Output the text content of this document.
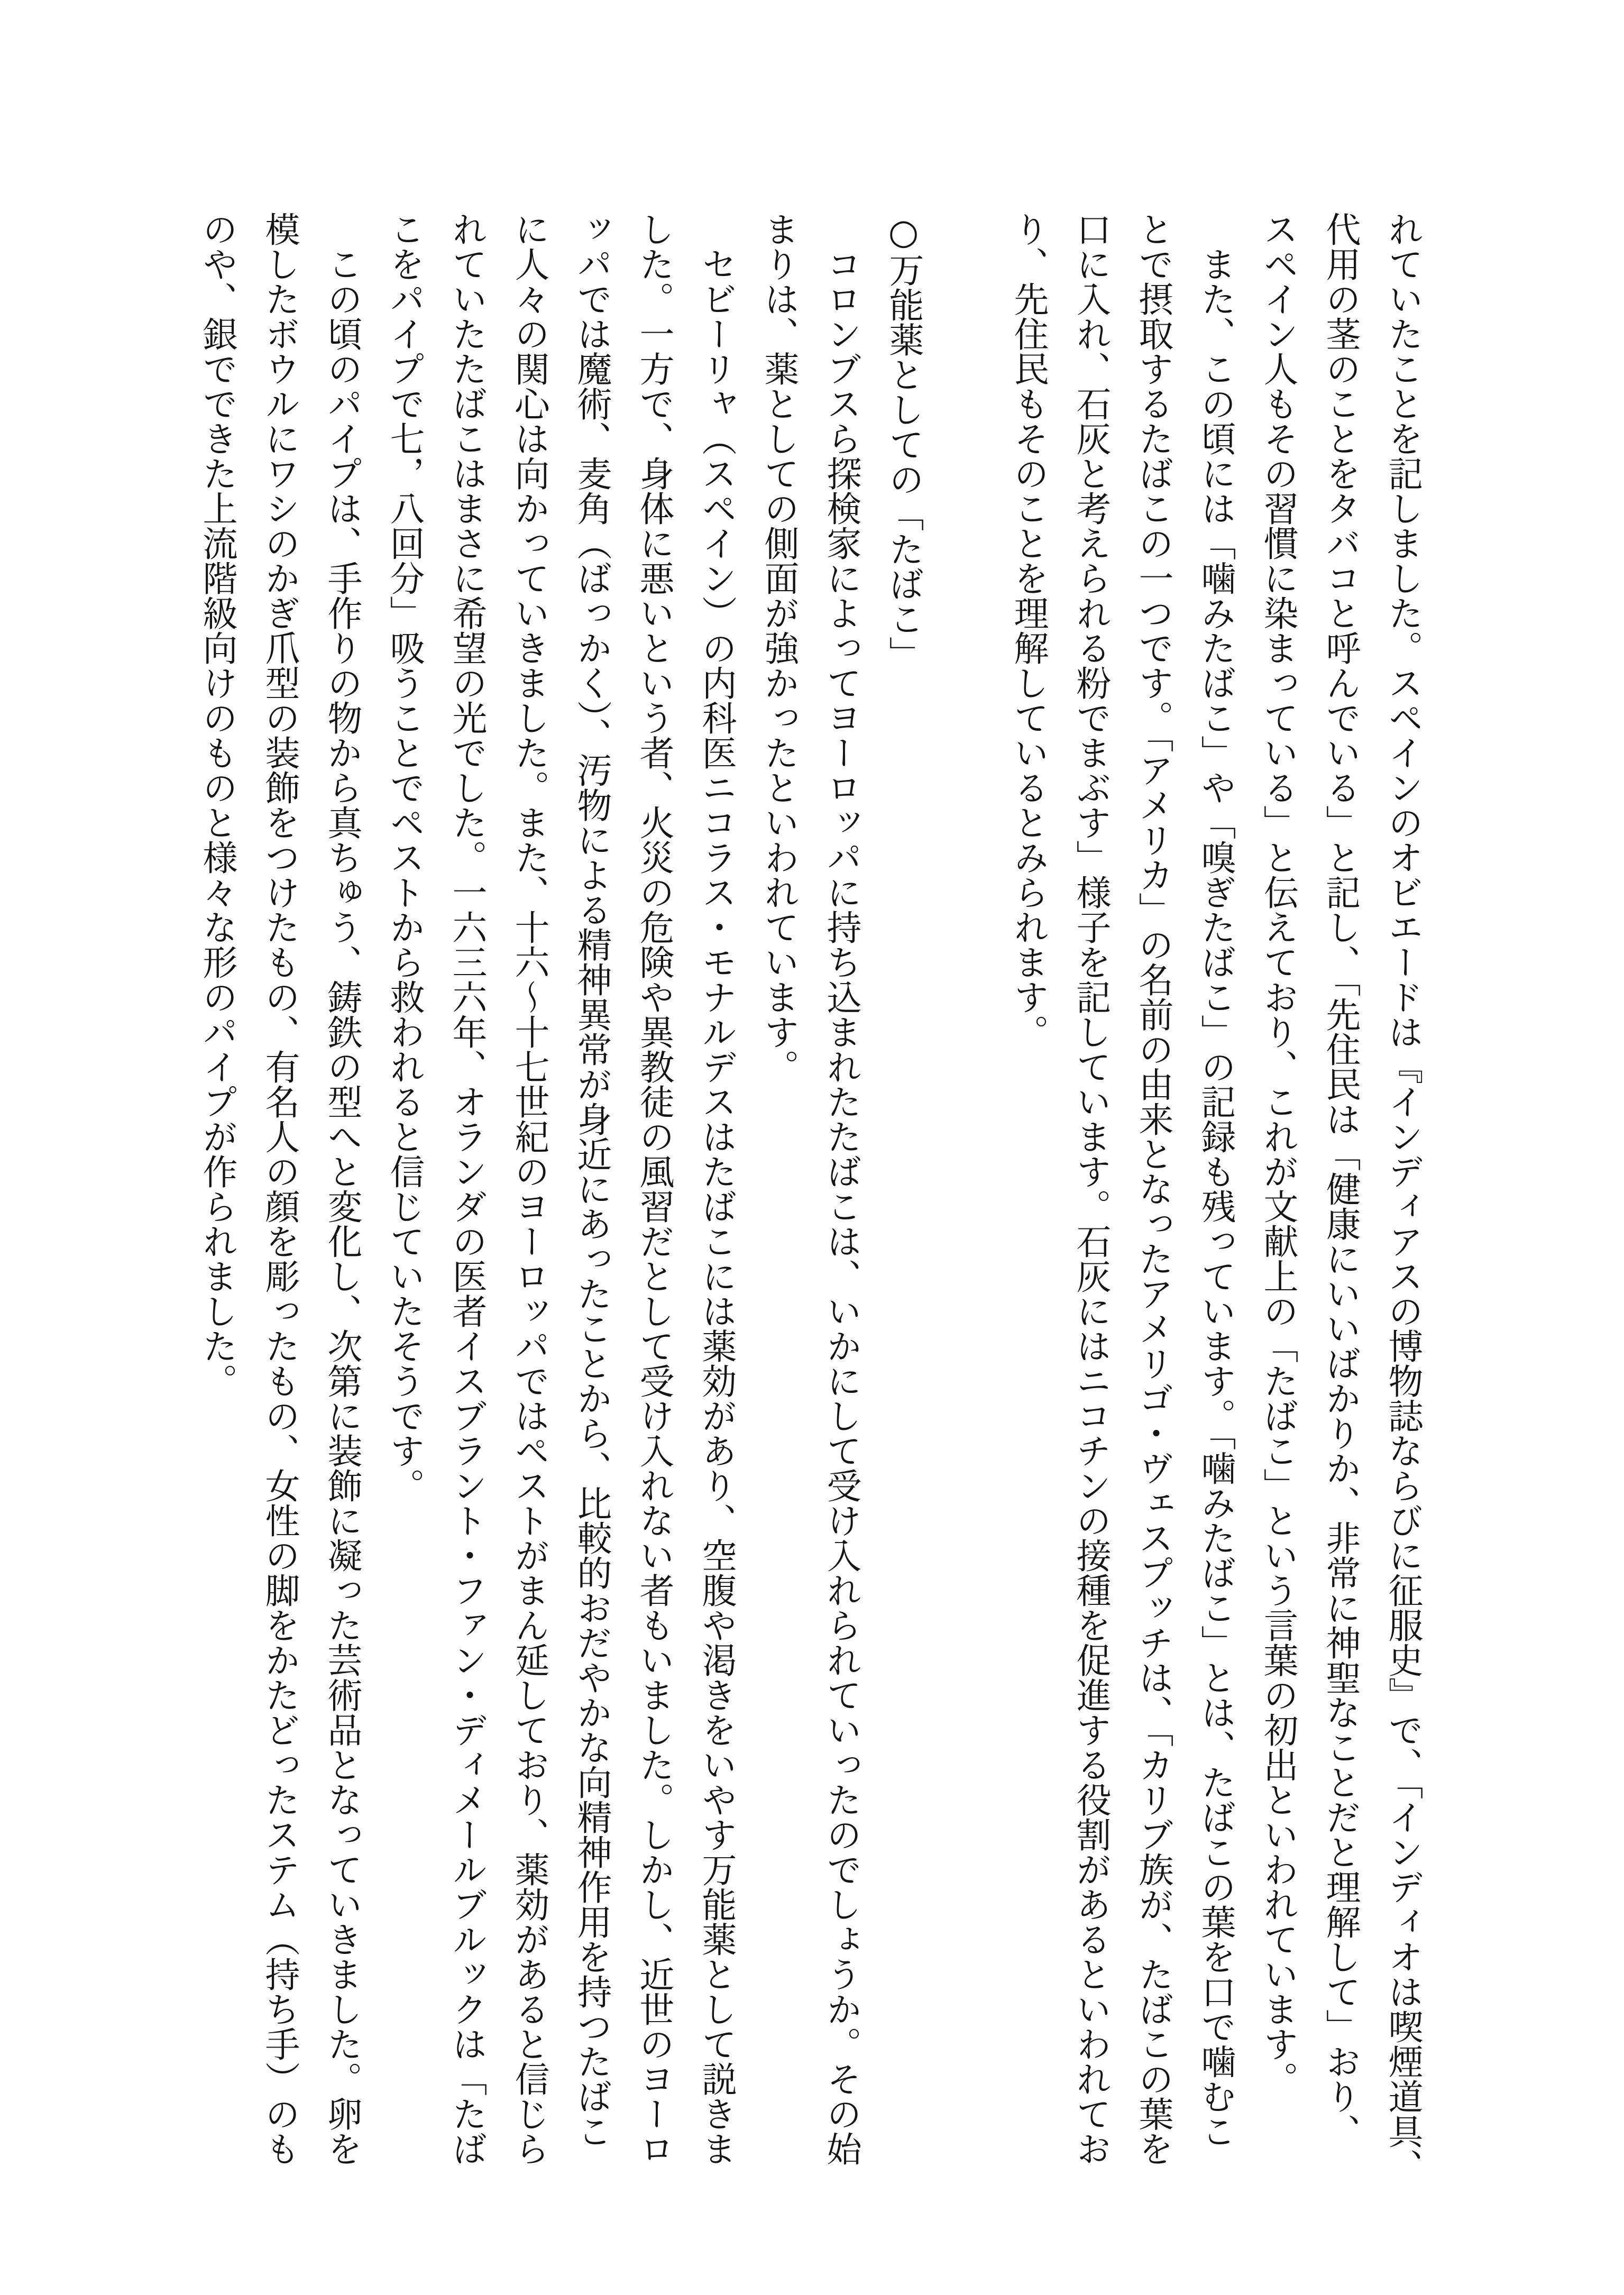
れていたことを記しました。スペインのオビエードは『インディアスの博物誌ならびに征服史』で、「インディオは喫煙道具、
代用の茎のことをタバコと呼んでいる」と記し、「先住民は「健康にいいばかりか、非常に神聖なことだと理解して」おり、
スペイン人もその習慣に染まっている」と伝えており、これが文献上の「たばこ」という言葉の初出といわれています。
　また、この頃には「噛みたばこ」や「嗅ぎたばこ」の記録も残っています。「噛みたばこ」とは、たばこの葉を口で噛むこ
とで摂取するたばこの一つです。「アメリカ」の名前の由来となったアメリゴ・ヴェスプッチは、「カリブ族が、たばこの葉を
口に入れ、石灰と考えられる粉でまぶす」様子を記しています。石灰にはニコチンの接種を促進する役割があるといわれてお
り、先住民もそのことを理解しているとみられます。
○万能薬としての「たばこ」
　コロンブスら探検家によってヨーロッパに持ち込まれたたばこは、いかにして受け入れられていったのでしょうか。その始
まりは、薬としての側面が強かったといわれています。
　セビーリャ（スペイン）の内科医ニコラス・モナルデスはたばこには薬効があり、空腹や渇きをいやす万能薬として説きま
した。一方で、身体に悪いという者、火災の危険や異教徒の風習だとして受け入れない者もいました。しかし、近世のヨーロ
ッパでは魔術、麦角（ばっかく）、汚物による精神異常が身近にあったことから、比較的おだやかな向精神作用を持つたばこ
に人々の関心は向かっていきました。また、十六〜十七世紀のヨーロッパではペストがまん延しており、薬効があると信じら
れていたたばこはまさに希望の光でした。一六三六年、オランダの医者イスブラント・ファン・ディメールブルックは「たば
こをパイプで七，八回分」吸うことでペストから救われると信じていたそうです。
　この頃のパイプは、手作りの物から真ちゅう、鋳鉄の型へと変化し、次第に装飾に凝った芸術品となっていきました。卵を
模したボウルにワシのかぎ爪型の装飾をつけたもの、有名人の顔を彫ったもの、女性の脚をかたどったステム（持ち手）のも
のや、銀でできた上流階級向けのものと様々な形のパイプが作られました。
